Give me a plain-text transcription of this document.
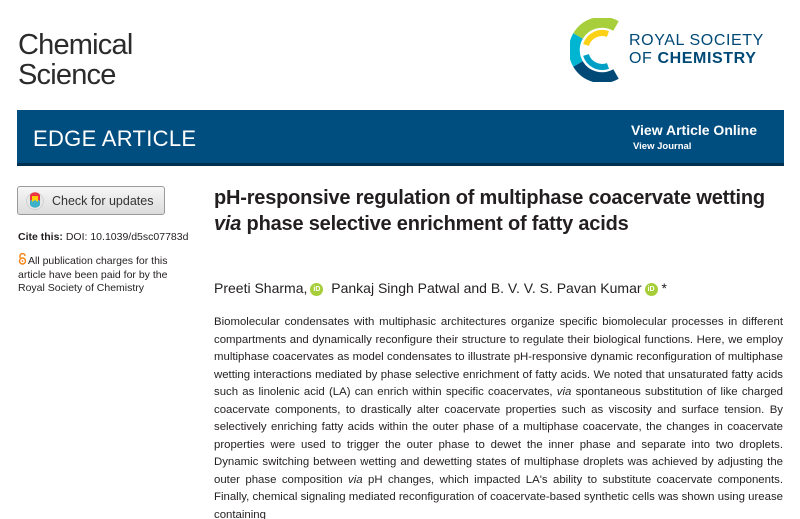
Chemical
Science
ROYAL SOCIETY
OF CHEMISTRY
EDGE ARTICLE	View Article Online
View Journal
Check for updates
Cite this: DOI: 10.1039/d5sc07783d
All publication charges for this article have been paid for by the Royal Society of Chemistry
pH-responsive regulation of multiphase coacervate wetting via phase selective enrichment of fatty acids
Preeti Sharma, iD Pankaj Singh Patwal and B. V. V. S. Pavan Kumar iD *
Biomolecular condensates with multiphasic architectures organize specific biomolecular processes in different compartments and dynamically reconfigure their structure to regulate their biological functions. Here, we employ multiphase coacervates as model condensates to illustrate pH-responsive dynamic reconfiguration of multiphase wetting interactions mediated by phase selective enrichment of fatty acids. We noted that unsaturated fatty acids such as linolenic acid (LA) can enrich within specific coacervates, via spontaneous substitution of like charged coacervate components, to drastically alter coacervate properties such as viscosity and surface tension. By selectively enriching fatty acids within the outer phase of a multiphase coacervate, the changes in coacervate properties were used to trigger the outer phase to dewet the inner phase and separate into two droplets. Dynamic switching between wetting and dewetting states of multiphase droplets was achieved by adjusting the outer phase composition via pH changes, which impacted LA's ability to substitute coacervate components. Finally, chemical signaling mediated reconfiguration of coacervate-based synthetic cells was shown using urease containing
